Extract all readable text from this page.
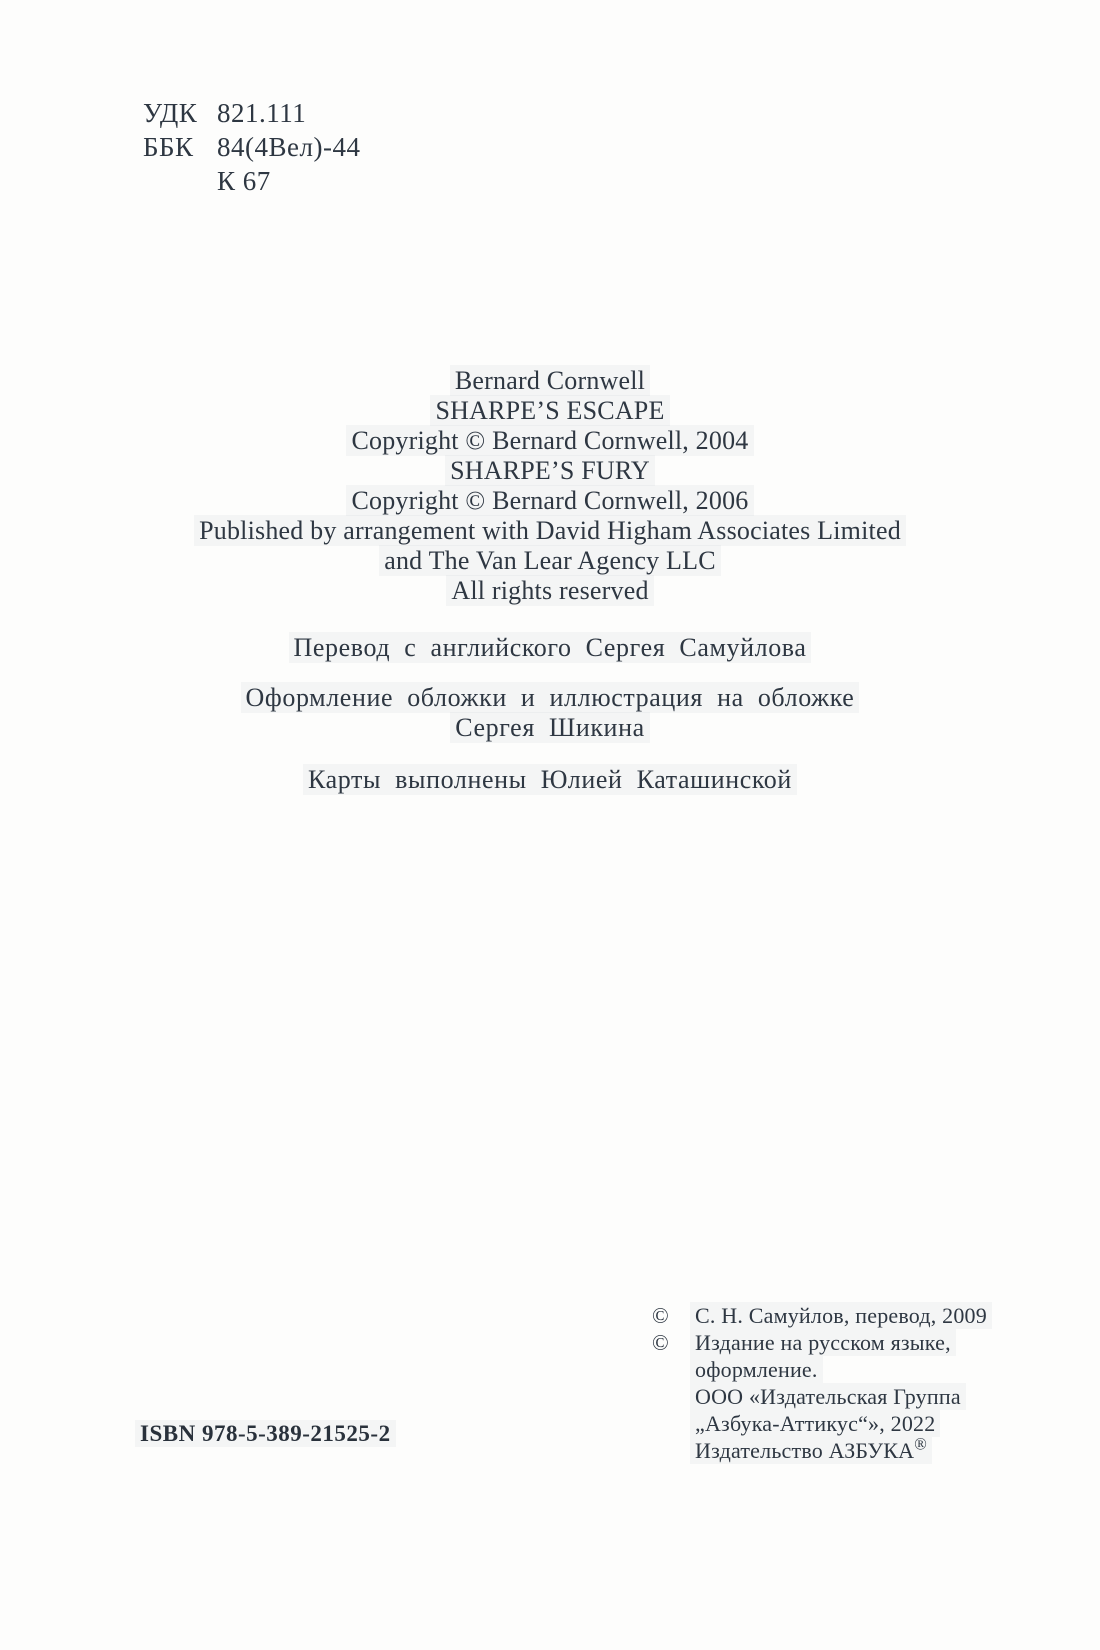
УДК 821.111
ББК 84(4Вел)-44
К 67
Bernard Cornwell
SHARPE’S ESCAPE
Copyright © Bernard Cornwell, 2004
SHARPE’S FURY
Copyright © Bernard Cornwell, 2006
Published by arrangement with David Higham Associates Limited
and The Van Lear Agency LLC
All rights reserved
Перевод с английского Сергея Самуйлова
Оформление обложки и иллюстрация на обложке
Сергея Шикина
Карты выполнены Юлией Каташинской
© С. Н. Самуйлов, перевод, 2009
© Издание на русском языке,
оформление.
ООО «Издательская Группа
„Азбука-Аттикус“», 2022
Издательство АЗБУКА®
ISBN 978-5-389-21525-2
